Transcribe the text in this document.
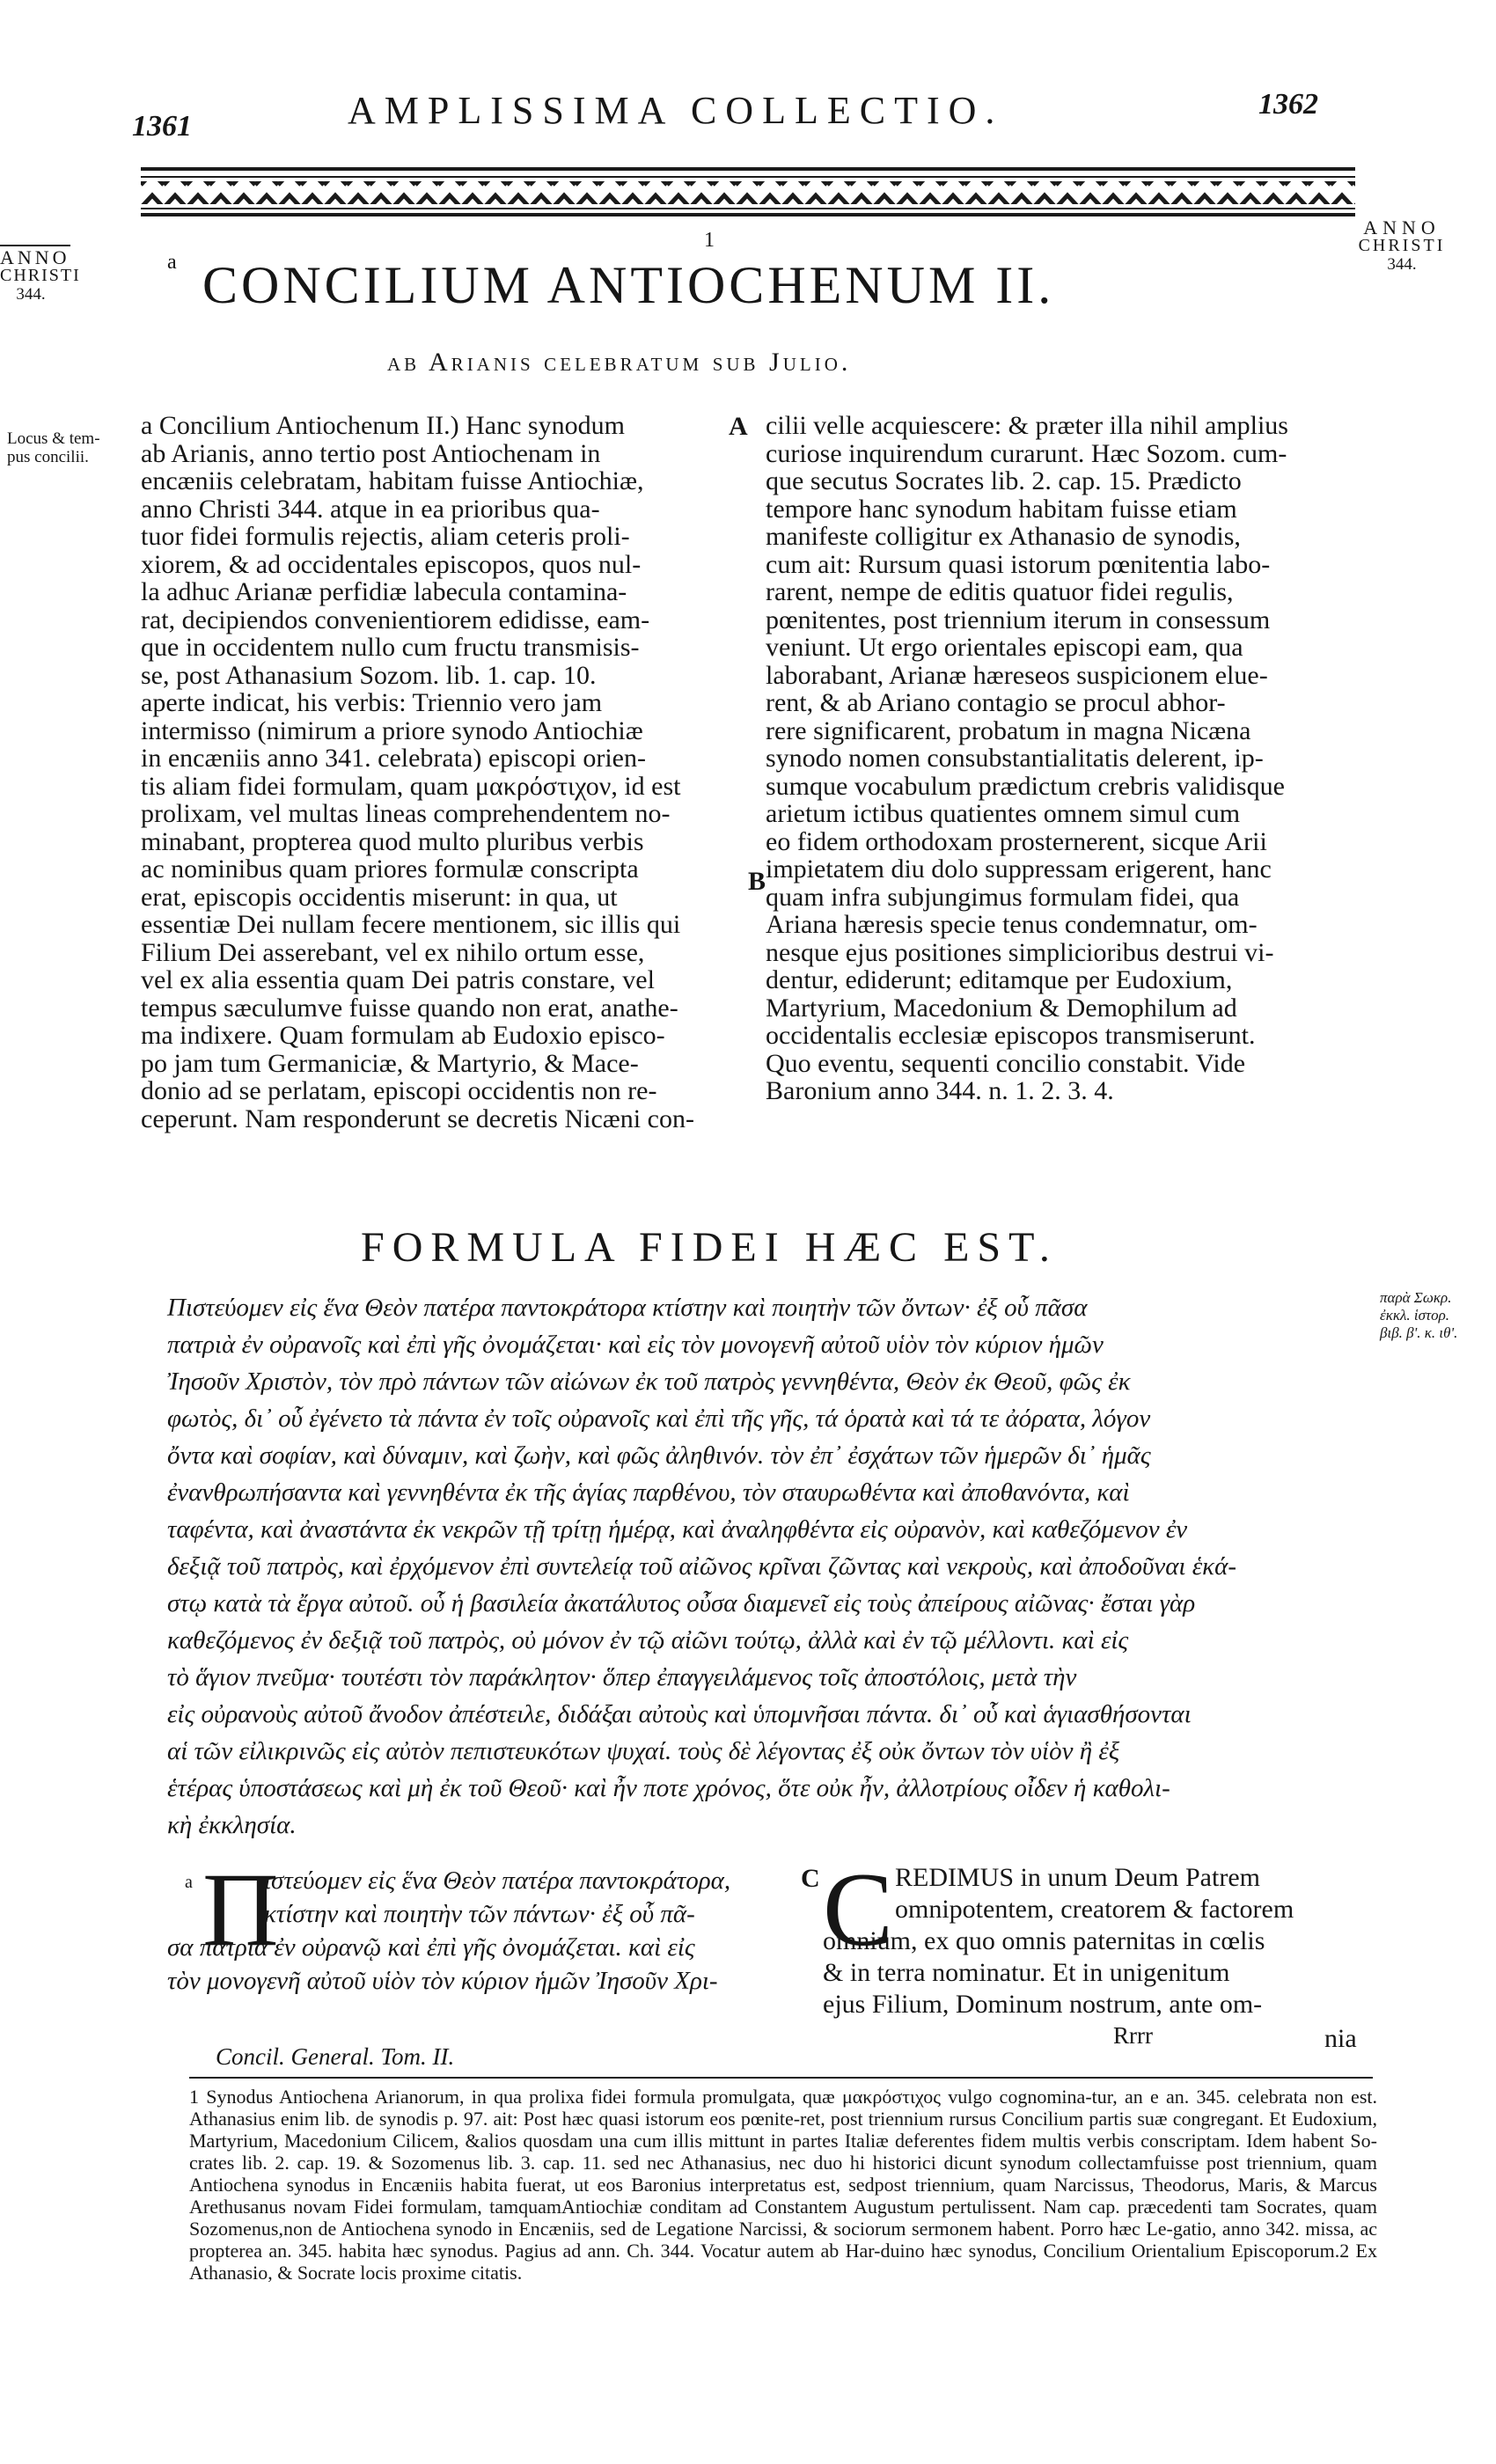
1361	AMPLISSIMA COLLECTIO.	1362
ANNO
CHRISTI
344.
ANNO
CHRISTI
344.
a
1
CONCILIUM ANTIOCHENUM II.
ab Arianis celebratum sub Julio.
Locus & tem-
pus concilii.
a Concilium Antiochenum II.) Hanc synodum
ab Arianis, anno tertio post Antiochenam in
encæniis celebratam, habitam fuisse Antiochiæ,
anno Christi 344. atque in ea prioribus qua-
tuor fidei formulis rejectis, aliam ceteris proli-
xiorem, & ad occidentales episcopos, quos nul-
la adhuc Arianæ perfidiæ labecula contamina-
rat, decipiendos convenientiorem edidisse, eam-
que in occidentem nullo cum fructu transmisis-
se, post Athanasium Sozom. lib. 1. cap. 10.
aperte indicat, his verbis: Triennio vero jam
intermisso (nimirum a priore synodo Antiochiæ
in encæniis anno 341. celebrata) episcopi orien-
tis aliam fidei formulam, quam μακρόστιχον, id est
prolixam, vel multas lineas comprehendentem no-
minabant, propterea quod multo pluribus verbis
ac nominibus quam priores formulæ conscripta
erat, episcopis occidentis miserunt: in qua, ut
essentiæ Dei nullam fecere mentionem, sic illis qui
Filium Dei asserebant, vel ex nihilo ortum esse,
vel ex alia essentia quam Dei patris constare, vel
tempus sæculumve fuisse quando non erat, anathe-
ma indixere. Quam formulam ab Eudoxio episco-
po jam tum Germaniciæ, & Martyrio, & Mace-
donio ad se perlatam, episcopi occidentis non re-
ceperunt. Nam responderunt se decretis Nicæni con-
A
B
cilii velle acquiescere: & præter illa nihil amplius
curiose inquirendum curarunt. Hæc Sozom. cum-
que secutus Socrates lib. 2. cap. 15. Prædicto
tempore hanc synodum habitam fuisse etiam
manifeste colligitur ex Athanasio de synodis,
cum ait: Rursum quasi istorum pœnitentia labo-
rarent, nempe de editis quatuor fidei regulis,
pœnitentes, post triennium iterum in consessum
veniunt. Ut ergo orientales episcopi eam, qua
laborabant, Arianæ hæreseos suspicionem elue-
rent, & ab Ariano contagio se procul abhor-
rere significarent, probatum in magna Nicæna
synodo nomen consubstantialitatis delerent, ip-
sumque vocabulum prædictum crebris validisque
arietum ictibus quatientes omnem simul cum
eo fidem orthodoxam prosternerent, sicque Arii
impietatem diu dolo suppressam erigerent, hanc
quam infra subjungimus formulam fidei, qua
Ariana hæresis specie tenus condemnatur, om-
nesque ejus positiones simplicioribus destrui vi-
dentur, ediderunt; editamque per Eudoxium,
Martyrium, Macedonium & Demophilum ad
occidentalis ecclesiæ episcopos transmiserunt.
Quo eventu, sequenti concilio constabit. Vide
Baronium anno 344. n. 1. 2. 3. 4.
FORMULA FIDEI HÆC EST.
παρὰ Σωκρ.
ἐκκλ. ἱστορ.
βιβ. β'. κ. ιθ'.
Πιστεύομεν εἰς ἕνα Θεὸν πατέρα παντοκράτορα κτίστην καὶ ποιητὴν τῶν ὄντων· ἐξ οὗ πᾶσα
πατριὰ ἐν οὐρανοῖς καὶ ἐπὶ γῆς ὀνομάζεται· καὶ εἰς τὸν μονογενῆ αὐτοῦ υἱὸν τὸν κύριον ἡμῶν
Ἰησοῦν Χριστὸν, τὸν πρὸ πάντων τῶν αἰώνων ἐκ τοῦ πατρὸς γεννηθέντα, Θεὸν ἐκ Θεοῦ, φῶς ἐκ
φωτὸς, δι᾽ οὗ ἐγένετο τὰ πάντα ἐν τοῖς οὐρανοῖς καὶ ἐπὶ τῆς γῆς, τά ὁρατὰ καὶ τά τε ἀόρατα, λόγον
ὄντα καὶ σοφίαν, καὶ δύναμιν, καὶ ζωὴν, καὶ φῶς ἀληθινόν. τὸν ἐπ᾽ ἐσχάτων τῶν ἡμερῶν δι᾽ ἡμᾶς
ἐνανθρωπήσαντα καὶ γεννηθέντα ἐκ τῆς ἁγίας παρθένου, τὸν σταυρωθέντα καὶ ἀποθανόντα, καὶ
ταφέντα, καὶ ἀναστάντα ἐκ νεκρῶν τῇ τρίτῃ ἡμέρᾳ, καὶ ἀναληφθέντα εἰς οὐρανὸν, καὶ καθεζόμενον ἐν
δεξιᾷ τοῦ πατρὸς, καὶ ἐρχόμενον ἐπὶ συντελείᾳ τοῦ αἰῶνος κρῖναι ζῶντας καὶ νεκροὺς, καὶ ἀποδοῦναι ἑκά-
στῳ κατὰ τὰ ἔργα αὐτοῦ. οὗ ἡ βασιλεία ἀκατάλυτος οὖσα διαμενεῖ εἰς τοὺς ἀπείρους αἰῶνας· ἔσται γὰρ
καθεζόμενος ἐν δεξιᾷ τοῦ πατρὸς, οὐ μόνον ἐν τῷ αἰῶνι τούτῳ, ἀλλὰ καὶ ἐν τῷ μέλλοντι. καὶ εἰς
τὸ ἅγιον πνεῦμα· τουτέστι τὸν παράκλητον· ὅπερ ἐπαγγειλάμενος τοῖς ἀποστόλοις, μετὰ τὴν
εἰς οὐρανοὺς αὐτοῦ ἄνοδον ἀπέστειλε, διδάξαι αὐτοὺς καὶ ὑπομνῆσαι πάντα. δι᾽ οὗ καὶ ἁγιασθήσονται
αἱ τῶν εἰλικρινῶς εἰς αὐτὸν πεπιστευκότων ψυχαί. τοὺς δὲ λέγοντας ἐξ οὐκ ὄντων τὸν υἱὸν ἢ ἐξ
ἑτέρας ὑποστάσεως καὶ μὴ ἐκ τοῦ Θεοῦ· καὶ ἦν ποτε χρόνος, ὅτε οὐκ ἦν, ἀλλοτρίους οἶδεν ἡ καθολι-
κὴ ἐκκλησία.
a Π
ιστεύομεν εἰς ἕνα Θεὸν πατέρα παντοκράτορα,
κτίστην καὶ ποιητὴν τῶν πάντων· ἐξ οὗ πᾶ-
σα πατριὰ ἐν οὐρανῷ καὶ ἐπὶ γῆς ὀνομάζεται. καὶ εἰς
τὸν μονογενῆ αὐτοῦ υἱὸν τὸν κύριον ἡμῶν Ἰησοῦν Χρι-
C C REDIMUS in unum Deum Patrem
omnipotentem, creatorem & factorem
omnium, ex quo omnis paternitas in cœlis
& in terra nominatur. Et in unigenitum
ejus Filium, Dominum nostrum, ante om-
Concil. General. Tom. II.
Rrrr	nia
1 Synodus Antiochena Arianorum, in qua prolixa fidei formula promulgata, quæ μακρόστιχος vulgo cognomina-tur, an e an. 345. celebrata non est. Athanasius enim lib. de synodis p. 97. ait: Post hæc quasi istorum eos pœnite-ret, post triennium rursus Concilium partis suæ congregant. Et Eudoxium, Martyrium, Macedonium Cilicem, &alios quosdam una cum illis mittunt in partes Italiæ deferentes fidem multis verbis conscriptam. Idem habent So-crates lib. 2. cap. 19. & Sozomenus lib. 3. cap. 11. sed nec Athanasius, nec duo hi historici dicunt synodum collectamfuisse post triennium, quam Antiochena synodus in Encæniis habita fuerat, ut eos Baronius interpretatus est, sedpost triennium, quam Narcissus, Theodorus, Maris, & Marcus Arethusanus novam Fidei formulam, tamquamAntiochiæ conditam ad Constantem Augustum pertulissent. Nam cap. præcedenti tam Socrates, quam Sozomenus,non de Antiochena synodo in Encæniis, sed de Legatione Narcissi, & sociorum sermonem habent. Porro hæc Le-gatio, anno 342. missa, ac propterea an. 345. habita hæc synodus. Pagius ad ann. Ch. 344. Vocatur autem ab Har-duino hæc synodus, Concilium Orientalium Episcoporum.2 Ex Athanasio, & Socrate locis proxime citatis.
